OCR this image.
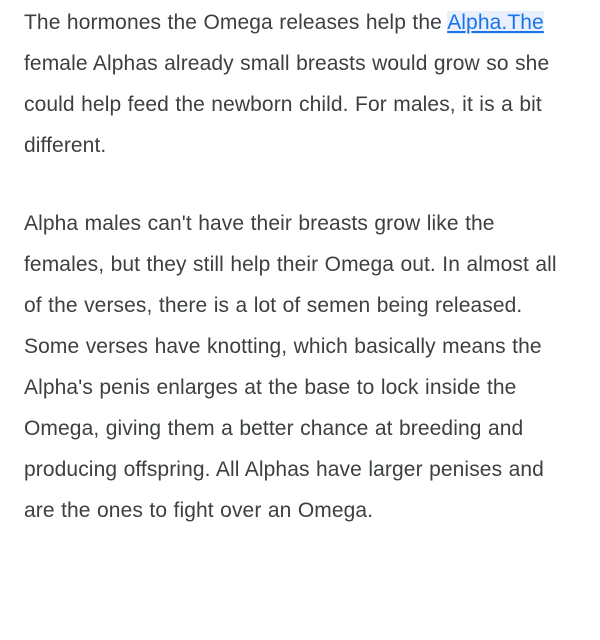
The hormones the Omega releases help the Alpha.The female Alphas already small breasts would grow so she could help feed the newborn child. For males, it is a bit different.

Alpha males can't have their breasts grow like the females, but they still help their Omega out. In almost all of the verses, there is a lot of semen being released. Some verses have knotting, which basically means the Alpha's penis enlarges at the base to lock inside the Omega, giving them a better chance at breeding and producing offspring. All Alphas have larger penises and are the ones to fight over an Omega.
